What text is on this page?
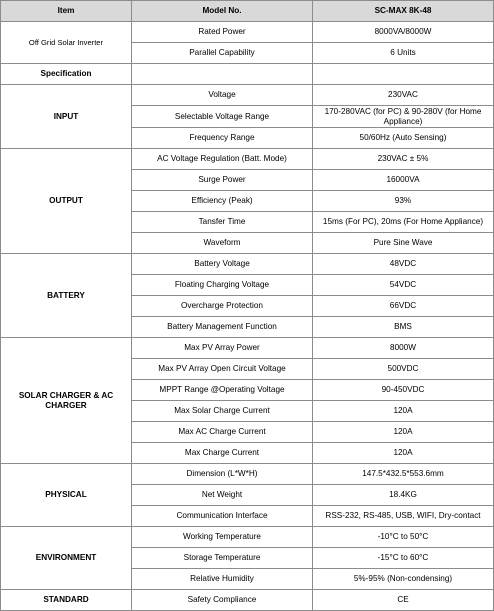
Item	Model No.	SC-MAX 8K-48
Off Grid Solar Inverter	Rated Power	8000VA/8000W
	Parallel Capability	6 Units
Specification		
INPUT	Voltage	230VAC
	Selectable Voltage Range	170-280VAC (for PC) & 90-280V (for Home Appliance)
	Frequency Range	50/60Hz (Auto Sensing)
OUTPUT	AC Voltage Regulation (Batt. Mode)	230VAC ± 5%
	Surge Power	16000VA
	Efficiency (Peak)	93%
	Tansfer Time	15ms (For PC), 20ms (For Home Appliance)
	Waveform	Pure Sine Wave
BATTERY	Battery Voltage	48VDC
	Floating Charging Voltage	54VDC
	Overcharge Protection	66VDC
	Battery Management Function	BMS
SOLAR CHARGER & AC CHARGER	Max PV Array Power	8000W
	Max PV Array Open Circuit Voltage	500VDC
	MPPT Range @Operating Voltage	90-450VDC
	Max Solar Charge Current	120A
	Max AC Charge Current	120A
	Max Charge Current	120A
PHYSICAL	Dimension (L*W*H)	147.5*432.5*553.6mm
	Net Weight	18.4KG
	Communication Interface	RSS-232, RS-485, USB, WIFI, Dry-contact
ENVIRONMENT	Working Temperature	-10°C to 50°C
	Storage Temperature	-15°C to 60°C
	Relative Humidity	5%-95% (Non-condensing)
STANDARD	Safety Compliance	CE
